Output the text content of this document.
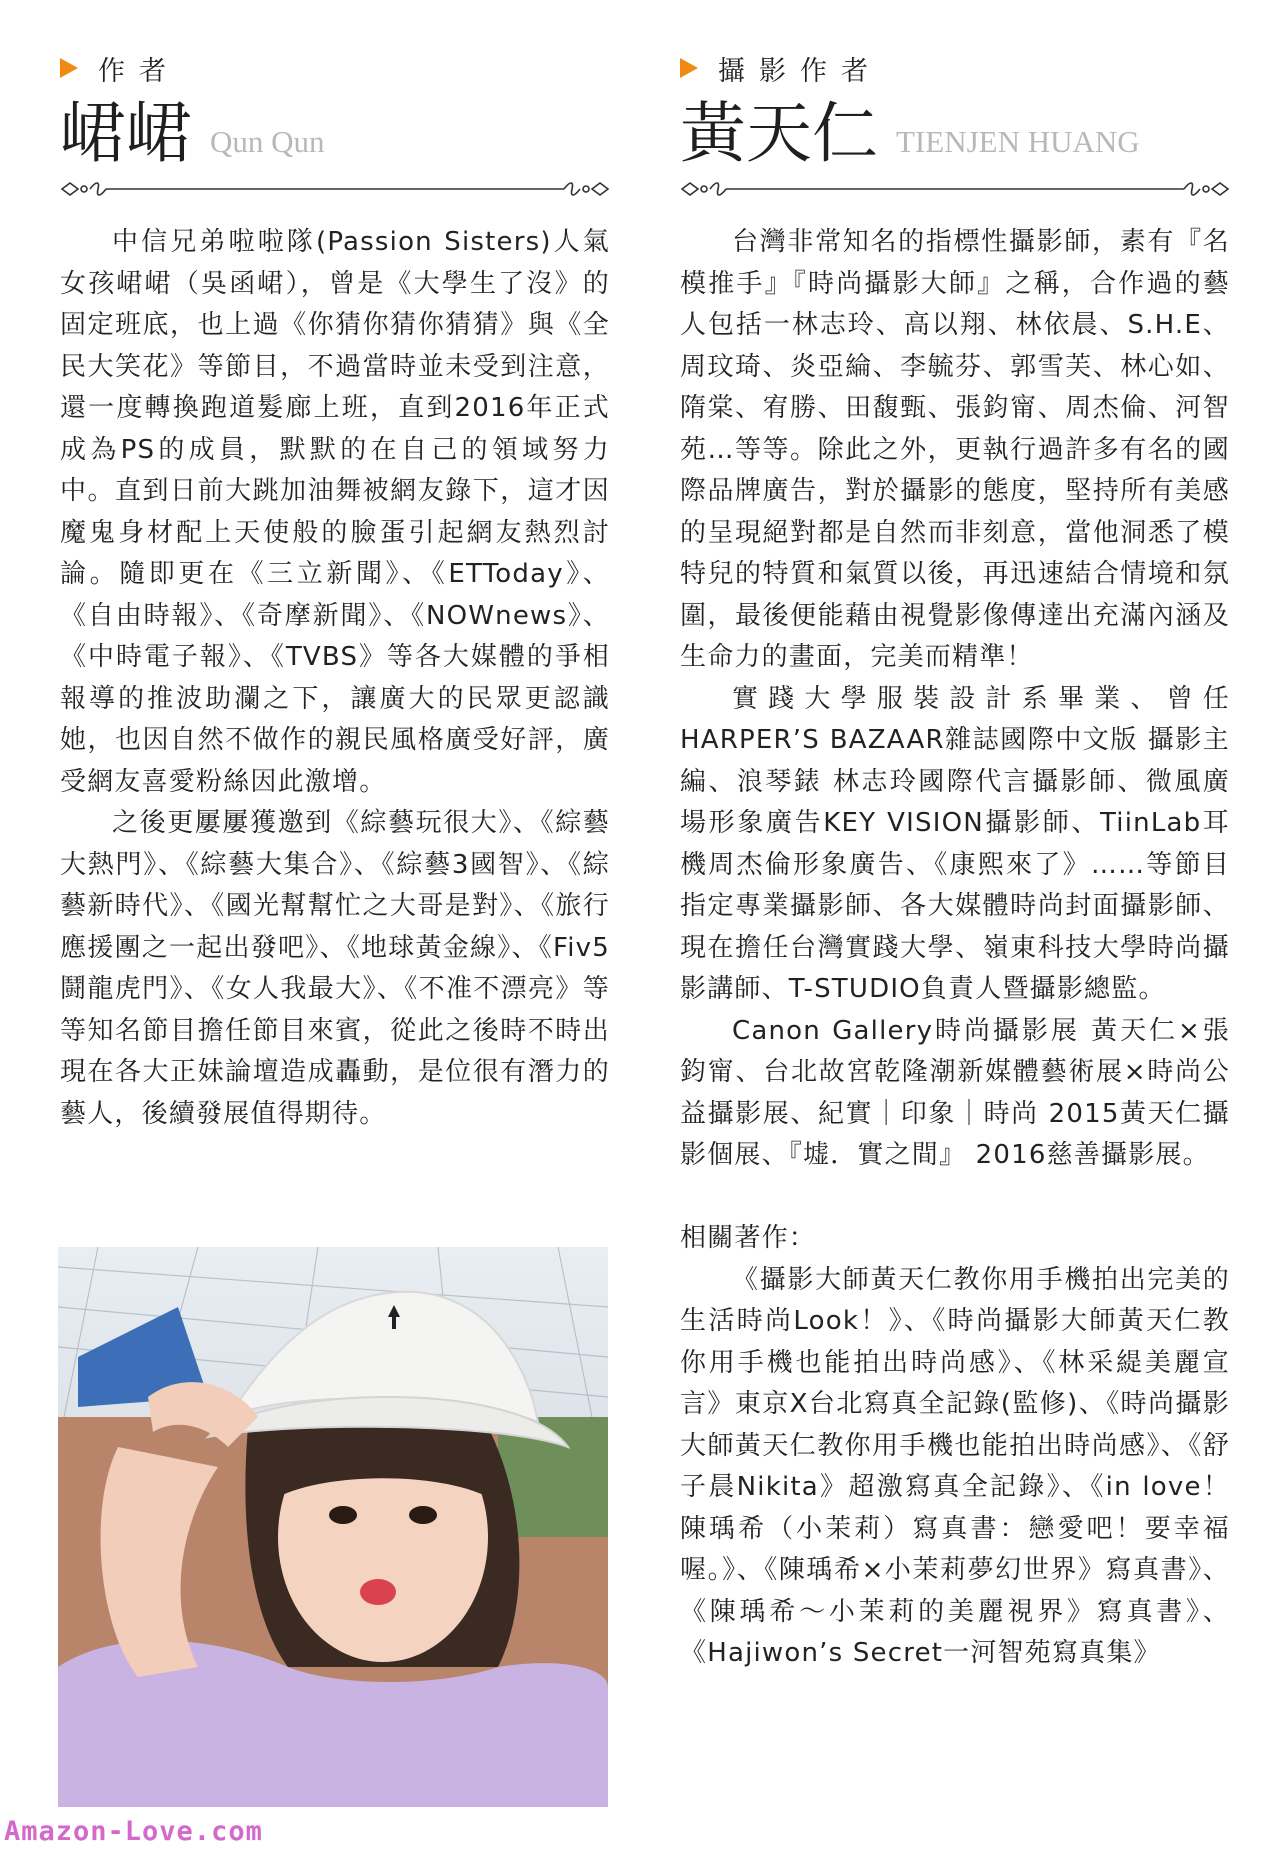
作者
峮峮 Qun Qun

中信兄弟啦啦隊(Passion Sisters)人氣女孩峮峮（吳函峮），曾是《大學生了沒》的固定班底，也上過《你猜你猜你猜猜》與《全民大笑花》等節目，不過當時並未受到注意，還一度轉換跑道髮廊上班，直到2016年正式成為PS的成員，默默的在自己的領域努力中。直到日前大跳加油舞被網友錄下，這才因魔鬼身材配上天使般的臉蛋引起網友熱烈討論。隨即更在《三立新聞》、《ETToday》、《自由時報》、《奇摩新聞》、《NOWnews》、《中時電子報》、《TVBS》等各大媒體的爭相報導的推波助瀾之下，讓廣大的民眾更認識她，也因自然不做作的親民風格廣受好評，廣受網友喜愛粉絲因此激增。

之後更屢屢獲邀到《綜藝玩很大》、《綜藝大熱門》、《綜藝大集合》、《綜藝3國智》、《綜藝新時代》、《國光幫幫忙之大哥是對》、《旅行應援團之一起出發吧》、《地球黃金線》、《Fiv5鬪龍虎門》、《女人我最大》、《不准不漂亮》等等知名節目擔任節目來賓，從此之後時不時出現在各大正妹論壇造成轟動，是位很有潛力的藝人，後續發展值得期待。

攝影作者
黃天仁 TIENJEN HUANG

台灣非常知名的指標性攝影師，素有『名模推手』『時尚攝影大師』之稱，合作過的藝人包括一林志玲、高以翔、林依晨、S.H.E、周玟琦、炎亞綸、李毓芬、郭雪芙、林心如、隋棠、宥勝、田馥甄、張鈞甯、周杰倫、河智苑…等等。除此之外，更執行過許多有名的國際品牌廣告，對於攝影的態度，堅持所有美感的呈現絕對都是自然而非刻意，當他洞悉了模特兒的特質和氣質以後，再迅速結合情境和氛圍，最後便能藉由視覺影像傳達出充滿內涵及生命力的畫面，完美而精準！

實踐大學服裝設計系畢業、曾任HARPER’S BAZAAR雜誌國際中文版 攝影主編、浪琴錶 林志玲國際代言攝影師、微風廣場形象廣告KEY VISION攝影師、TiinLab耳機周杰倫形象廣告、《康熙來了》……等節目指定專業攝影師、各大媒體時尚封面攝影師、現在擔任台灣實踐大學、嶺東科技大學時尚攝影講師、T-STUDIO負責人暨攝影總監。

Canon Gallery時尚攝影展 黃天仁×張鈞甯、台北故宮乾隆潮新媒體藝術展×時尚公益攝影展、紀實｜印象｜時尚 2015黃天仁攝影個展、『墟．實之間』 2016慈善攝影展。

相關著作：

《攝影大師黃天仁教你用手機拍出完美的生活時尚Look！》、《時尚攝影大師黃天仁教你用手機也能拍出時尚感》、《林采緹美麗宣言》東京X台北寫真全記錄(監修)、《時尚攝影大師黃天仁教你用手機也能拍出時尚感》、《舒子晨Nikita》超激寫真全記錄》、《in love！陳瑀希（小茉莉）寫真書：戀愛吧！要幸福喔。》、《陳瑀希×小茉莉夢幻世界》寫真書》、《陳瑀希～小茉莉的美麗視界》寫真書》、《Hajiwon’s Secret一河智苑寫真集》

Amazon-Love.com
